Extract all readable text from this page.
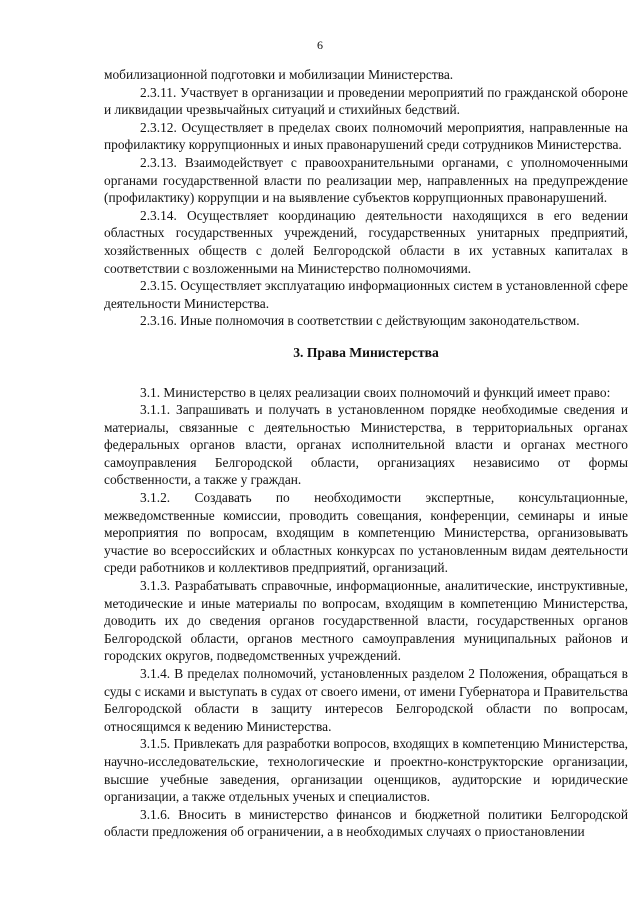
6

мобилизационной подготовки и мобилизации Министерства.

2.3.11. Участвует в организации и проведении мероприятий по гражданской обороне и ликвидации чрезвычайных ситуаций и стихийных бедствий.

2.3.12. Осуществляет в пределах своих полномочий мероприятия, направленные на профилактику коррупционных и иных правонарушений среди сотрудников Министерства.

2.3.13. Взаимодействует с правоохранительными органами, с уполномоченными органами государственной власти по реализации мер, направленных на предупреждение (профилактику) коррупции и на выявление субъектов коррупционных правонарушений.

2.3.14. Осуществляет координацию деятельности находящихся в его ведении областных государственных учреждений, государственных унитарных предприятий, хозяйственных обществ с долей Белгородской области в их уставных капиталах в соответствии с возложенными на Министерство полномочиями.

2.3.15. Осуществляет эксплуатацию информационных систем в установленной сфере деятельности Министерства.

2.3.16. Иные полномочия в соответствии с действующим законодательством.

3. Права Министерства

3.1. Министерство в целях реализации своих полномочий и функций имеет право:

3.1.1. Запрашивать и получать в установленном порядке необходимые сведения и материалы, связанные с деятельностью Министерства, в территориальных органах федеральных органов власти, органах исполнительной власти и органах местного самоуправления Белгородской области, организациях независимо от формы собственности, а также у граждан.

3.1.2. Создавать по необходимости экспертные, консультационные, межведомственные комиссии, проводить совещания, конференции, семинары и иные мероприятия по вопросам, входящим в компетенцию Министерства, организовывать участие во всероссийских и областных конкурсах по установленным видам деятельности среди работников и коллективов предприятий, организаций.

3.1.3. Разрабатывать справочные, информационные, аналитические, инструктивные, методические и иные материалы по вопросам, входящим в компетенцию Министерства, доводить их до сведения органов государственной власти, государственных органов Белгородской области, органов местного самоуправления муниципальных районов и городских округов, подведомственных учреждений.

3.1.4. В пределах полномочий, установленных разделом 2 Положения, обращаться в суды с исками и выступать в судах от своего имени, от имени Губернатора и Правительства Белгородской области в защиту интересов Белгородской области по вопросам, относящимся к ведению Министерства.

3.1.5. Привлекать для разработки вопросов, входящих в компетенцию Министерства, научно-исследовательские, технологические и проектно-конструкторские организации, высшие учебные заведения, организации оценщиков, аудиторские и юридические организации, а также отдельных ученых и специалистов.

3.1.6. Вносить в министерство финансов и бюджетной политики Белгородской области предложения об ограничении, а в необходимых случаях о приостановлении
